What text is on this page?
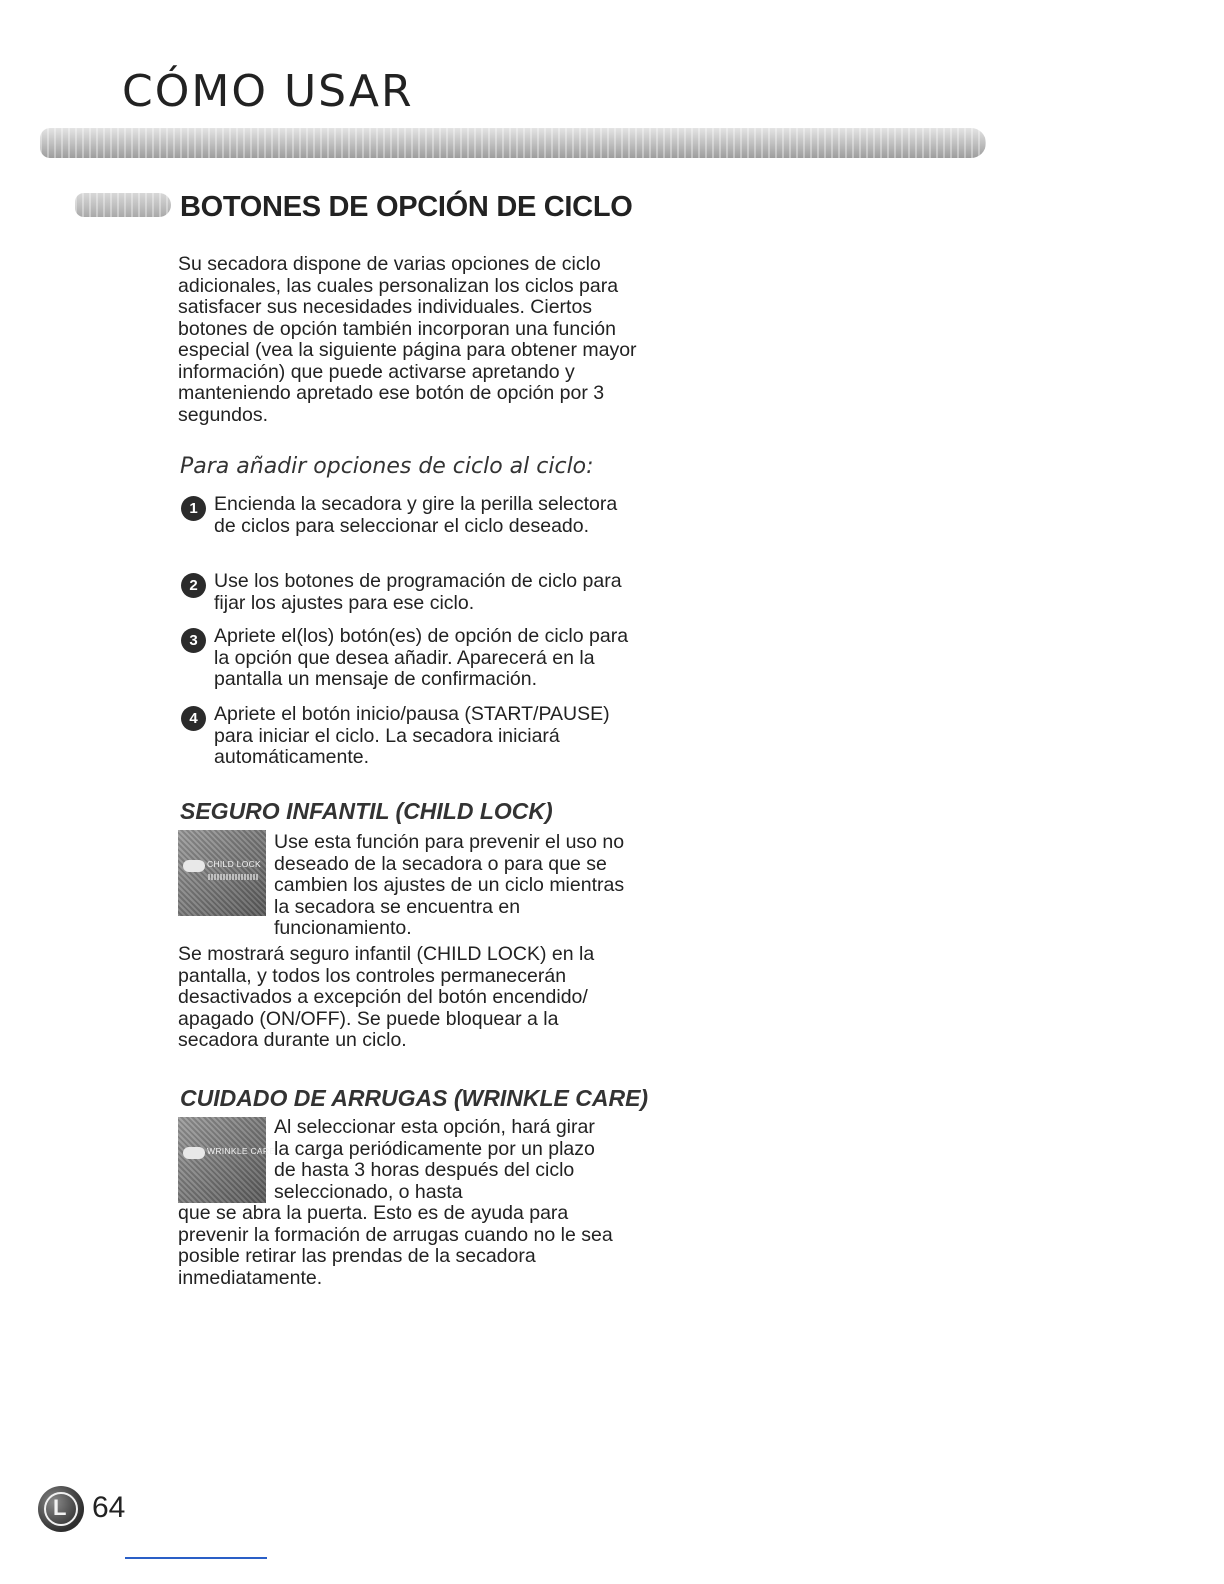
CÓMO USAR
BOTONES DE OPCIÓN DE CICLO

Su secadora dispone de varias opciones de ciclo adicionales, las cuales personalizan los ciclos para satisfacer sus necesidades individuales. Ciertos botones de opción también incorporan una función especial (vea la siguiente página para obtener mayor información) que puede activarse apretando y manteniendo apretado ese botón de opción por 3 segundos.

Para añadir opciones de ciclo al ciclo:
1 Encienda la secadora y gire la perilla selectora de ciclos para seleccionar el ciclo deseado.

2 Use los botones de programación de ciclo para fijar los ajustes para ese ciclo.

3 Apriete el(los) botón(es) de opción de ciclo para la opción que desea añadir. Aparecerá en la pantalla un mensaje de confirmación.

4 Apriete el botón inicio/pausa (START/PAUSE) para iniciar el ciclo. La secadora iniciará automáticamente.

SEGURO INFANTIL (CHILD LOCK)
CHILD LOCK

Use esta función para prevenir el uso no deseado de la secadora o para que se cambien los ajustes de un ciclo mientras la secadora se encuentra en funcionamiento.

Se mostrará seguro infantil (CHILD LOCK) en la pantalla, y todos los controles permanecerán desactivados a excepción del botón encendido/ apagado (ON/OFF). Se puede bloquear a la secadora durante un ciclo.

CUIDADO DE ARRUGAS (WRINKLE CARE)
WRINKLE CARE

Al seleccionar esta opción, hará girar la carga periódicamente por un plazo de hasta 3 horas después del ciclo seleccionado, o hasta

que se abra la puerta. Esto es de ayuda para prevenir la formación de arrugas cuando no le sea posible retirar las prendas de la secadora inmediatamente.

L 64
